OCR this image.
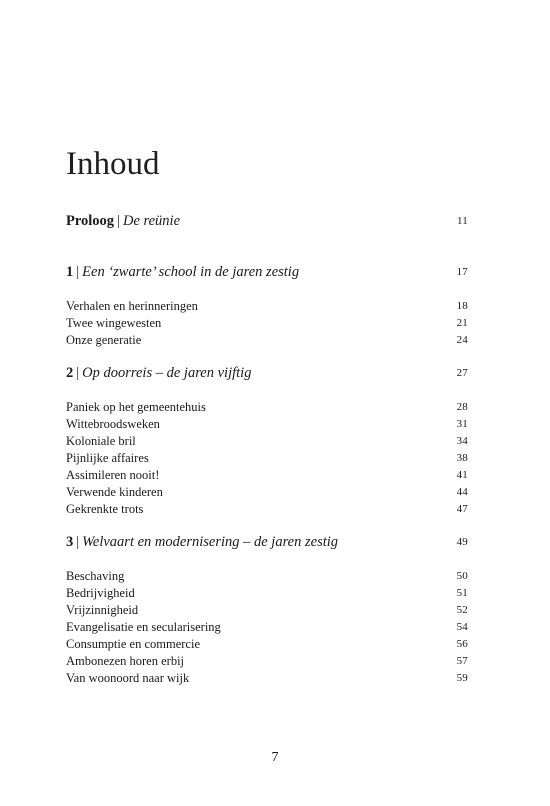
Inhoud
Proloog | De reünie	11
1 | Een ‘zwarte’ school in de jaren zestig	17
Verhalen en herinneringen	18
Twee wingewesten	21
Onze generatie	24
2 | Op doorreis – de jaren vijftig	27
Paniek op het gemeentehuis	28
Wittebroodsweken	31
Koloniale bril	34
Pijnlijke affaires	38
Assimileren nooit!	41
Verwende kinderen	44
Gekrenkte trots	47
3 | Welvaart en modernisering – de jaren zestig	49
Beschaving	50
Bedrijvigheid	51
Vrijzinnigheid	52
Evangelisatie en secularisering	54
Consumptie en commercie	56
Ambonezen horen erbij	57
Van woonoord naar wijk	59
7
